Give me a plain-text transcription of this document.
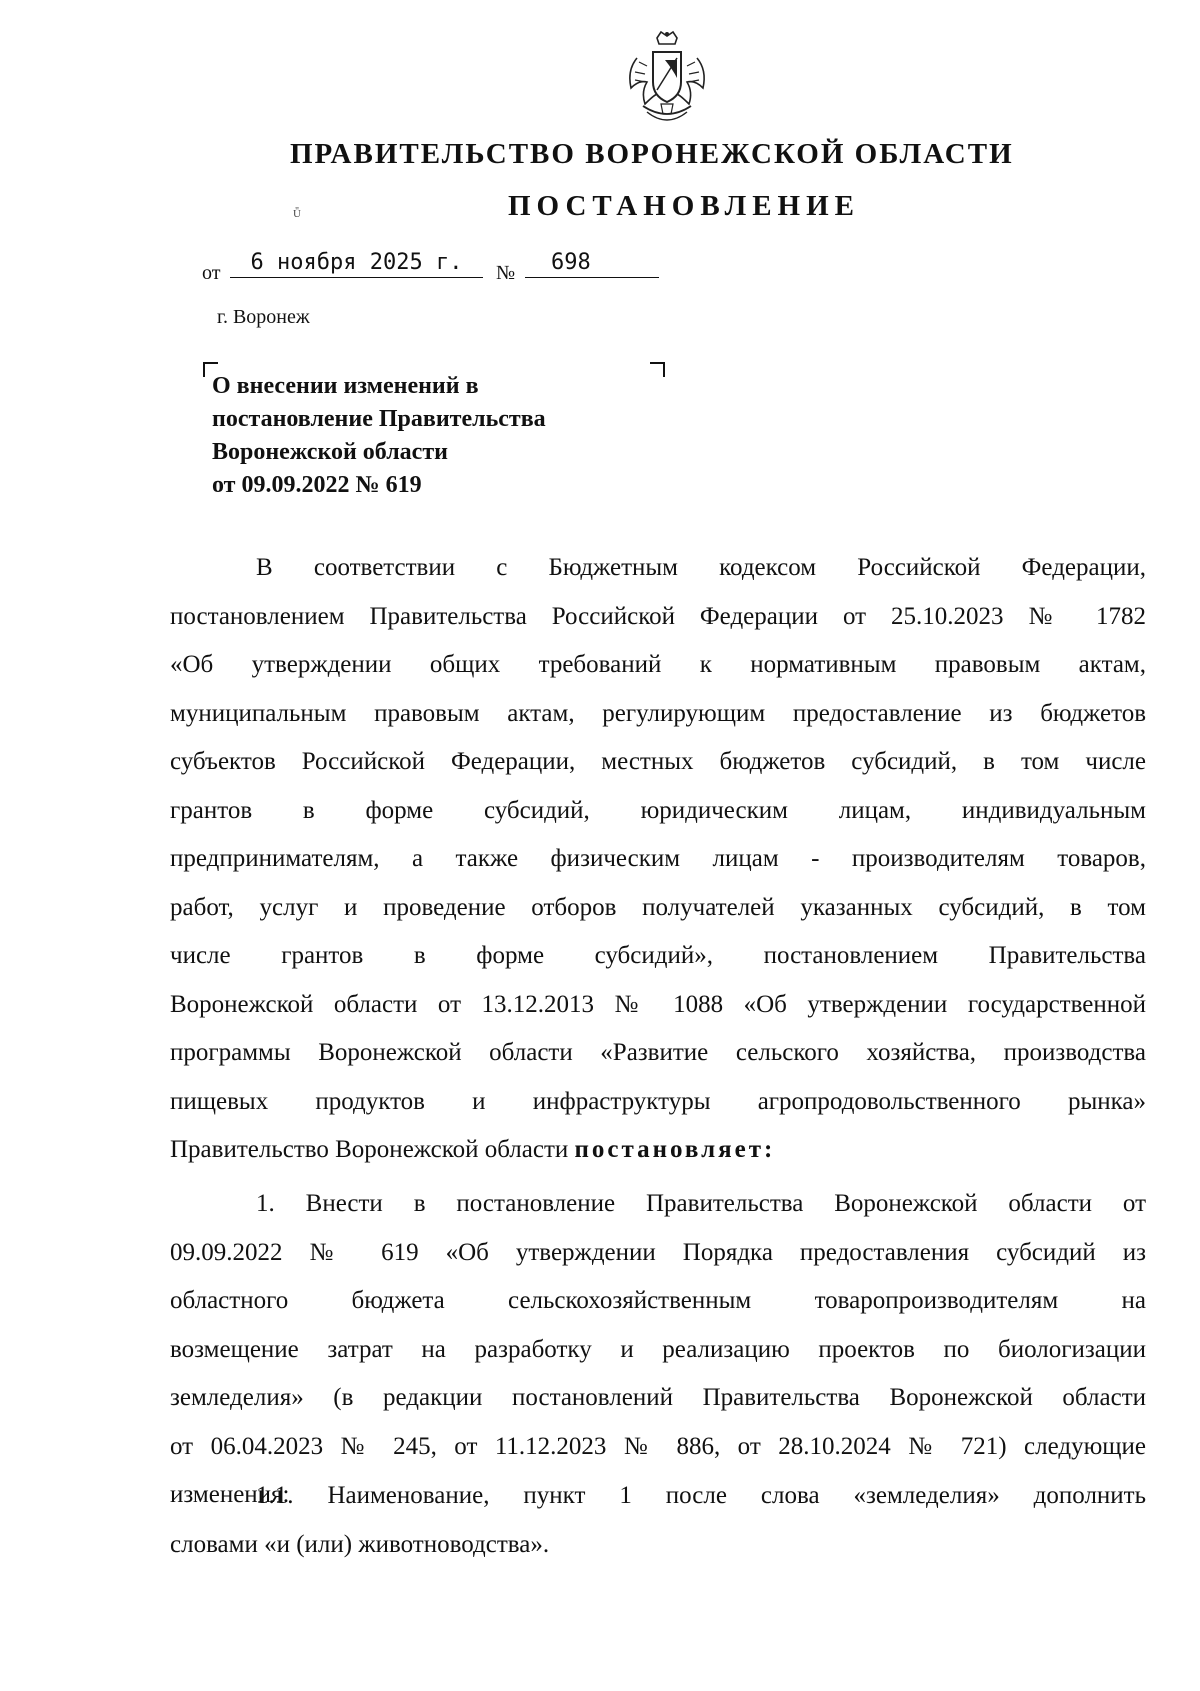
ПРАВИТЕЛЬСТВО ВОРОНЕЖСКОЙ ОБЛАСТИ
ПОСТАНОВЛЕНИЕ
Ǖ
от	6 ноября 2025 г.	№	698
г. Воронеж
О внесении изменений в
постановление Правительства
Воронежской области
от 09.09.2022 № 619
В соответствии с Бюджетным кодексом Российской Федерации,
постановлением Правительства Российской Федерации от 25.10.2023 № 1782
«Об утверждении общих требований к нормативным правовым актам,
муниципальным правовым актам, регулирующим предоставление из бюджетов
субъектов Российской Федерации, местных бюджетов субсидий, в том числе
грантов в форме субсидий, юридическим лицам, индивидуальным
предпринимателям, а также физическим лицам - производителям товаров,
работ, услуг и проведение отборов получателей указанных субсидий, в том
числе грантов в форме субсидий», постановлением Правительства
Воронежской области от 13.12.2013 № 1088 «Об утверждении государственной
программы Воронежской области «Развитие сельского хозяйства, производства
пищевых продуктов и инфраструктуры агропродовольственного рынка»
Правительство Воронежской области постановляет:
1. Внести в постановление Правительства Воронежской области от
09.09.2022 № 619 «Об утверждении Порядка предоставления субсидий из
областного бюджета сельскохозяйственным товаропроизводителям на
возмещение затрат на разработку и реализацию проектов по биологизации
земледелия» (в редакции постановлений Правительства Воронежской области
от 06.04.2023 № 245, от 11.12.2023 № 886, от 28.10.2024 № 721) следующие
изменения:
1.1. Наименование, пункт 1 после слова «земледелия» дополнить
словами «и (или) животноводства».
